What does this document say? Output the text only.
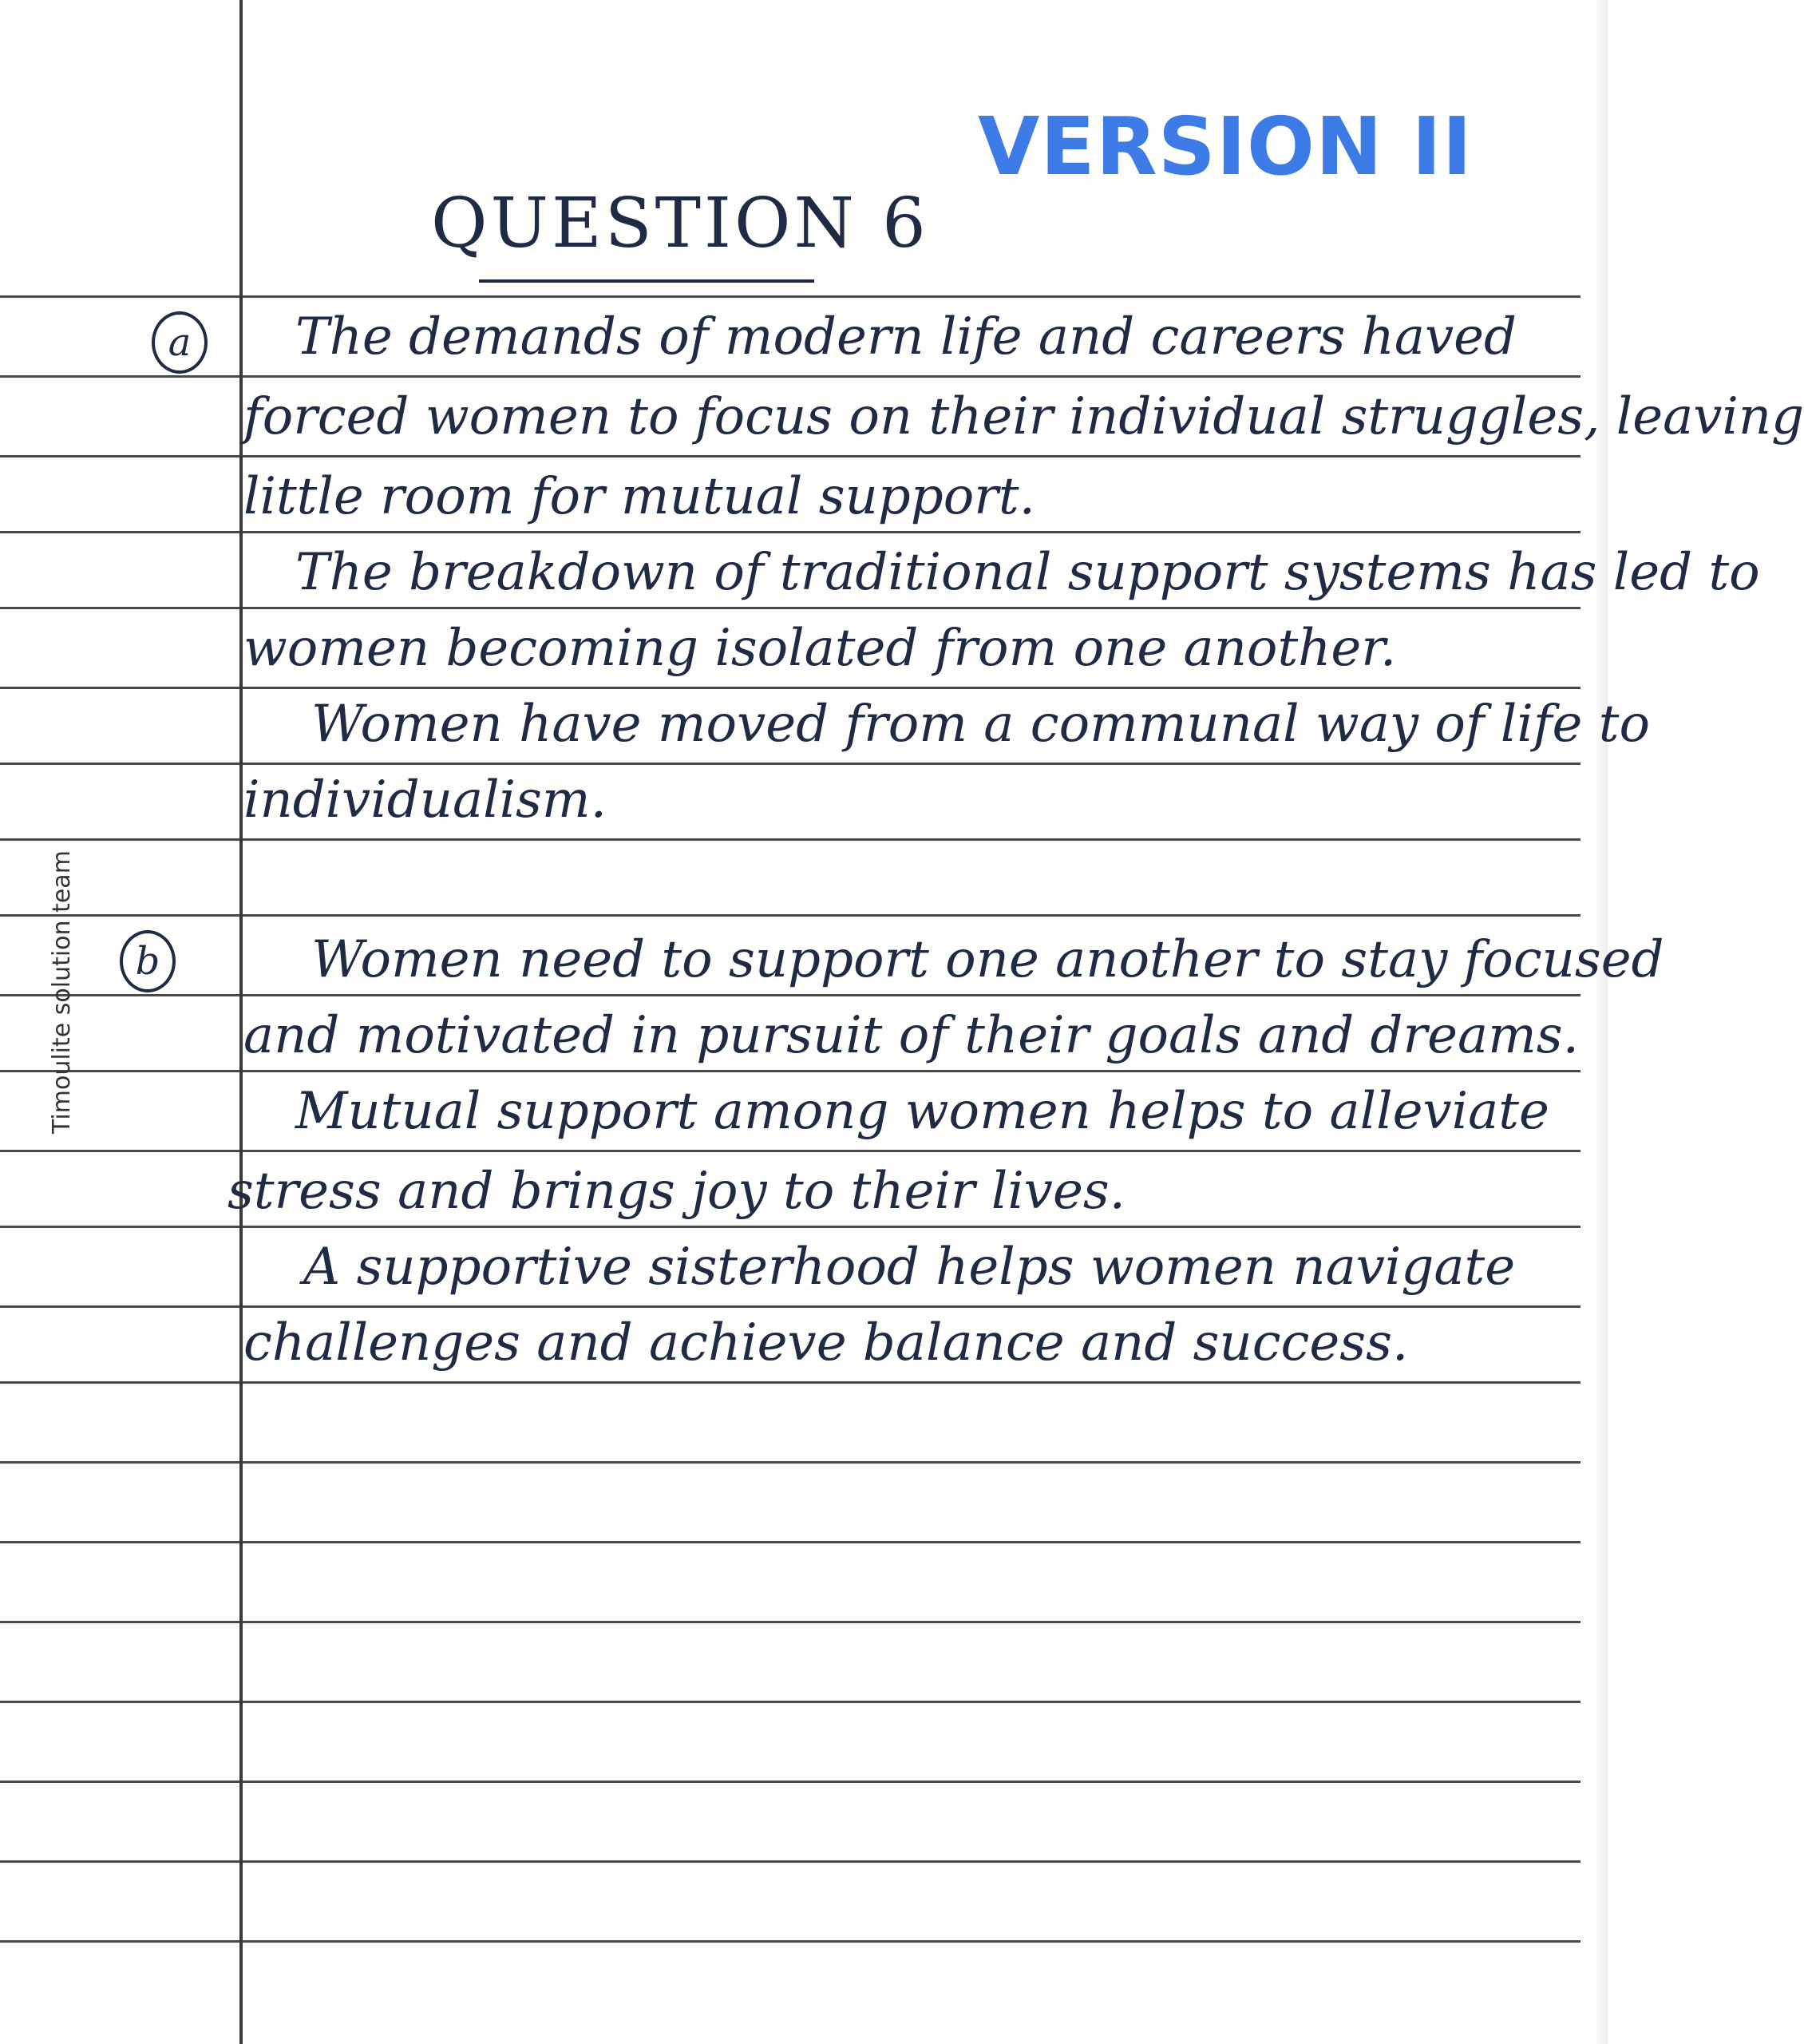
VERSION II
QUESTION 6
a	The demands of modern life and careers haved
forced women to focus on their individual struggles, leaving
little room for mutual support.
The breakdown of traditional support systems has led to
women becoming isolated from one another.
Women have moved from a communal way of life to
individualism.
b	Women need to support one another to stay focused
and motivated in pursuit of their goals and dreams.
Mutual support among women helps to alleviate
stress and brings joy to their lives.
A supportive sisterhood helps women navigate
challenges and achieve balance and success.
Timoulite solution team
